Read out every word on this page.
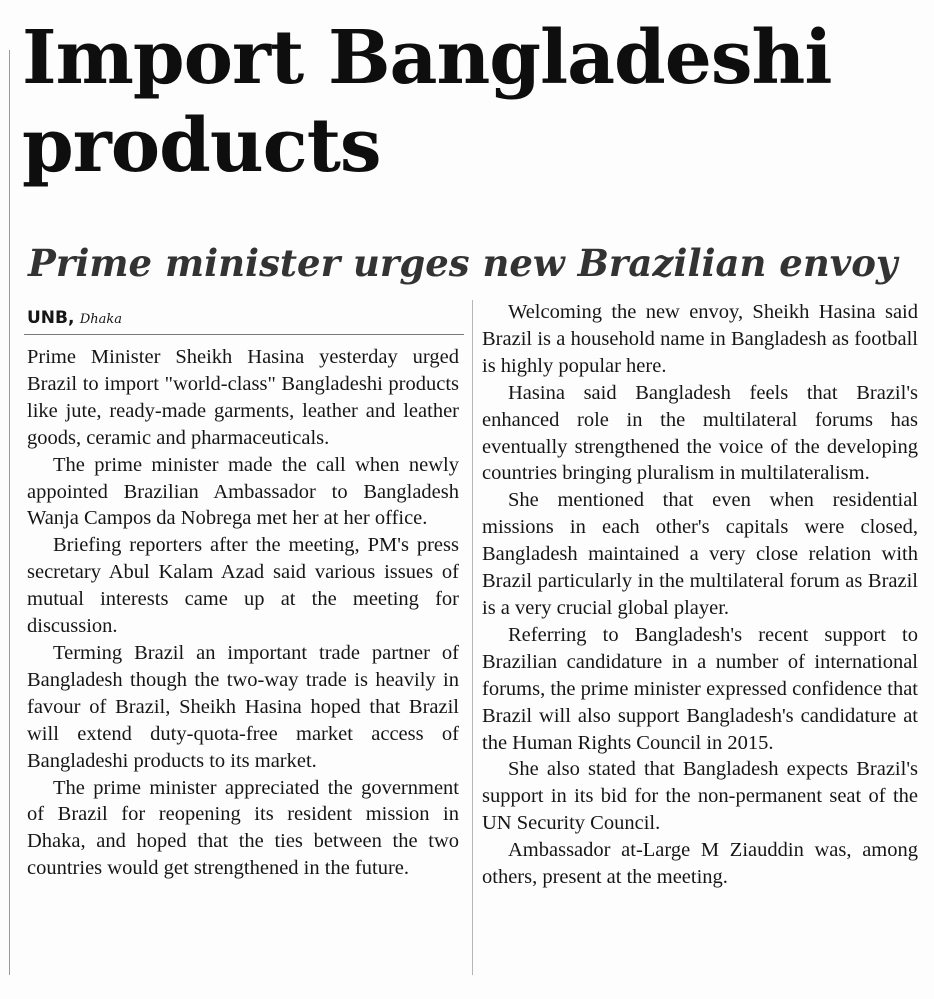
Import Bangladeshi products
Prime minister urges new Brazilian envoy
UNB, Dhaka

Prime Minister Sheikh Hasina yesterday urged Brazil to import "world-class" Bangladeshi products like jute, ready-made garments, leather and leather goods, ceramic and pharmaceuticals.

The prime minister made the call when newly appointed Brazilian Ambassador to Bangladesh Wanja Campos da Nobrega met her at her office.

Briefing reporters after the meeting, PM's press secretary Abul Kalam Azad said various issues of mutual interests came up at the meeting for discussion.

Terming Brazil an important trade partner of Bangladesh though the two-way trade is heavily in favour of Brazil, Sheikh Hasina hoped that Brazil will extend duty-quota-free market access of Bangladeshi products to its market.

The prime minister appreciated the government of Brazil for reopening its resident mission in Dhaka, and hoped that the ties between the two countries would get strengthened in the future.

Welcoming the new envoy, Sheikh Hasina said Brazil is a household name in Bangladesh as football is highly popular here.

Hasina said Bangladesh feels that Brazil's enhanced role in the multilateral forums has eventually strengthened the voice of the developing countries bringing pluralism in multilateralism.

She mentioned that even when residential missions in each other's capitals were closed, Bangladesh maintained a very close relation with Brazil particularly in the multilateral forum as Brazil is a very crucial global player.

Referring to Bangladesh's recent support to Brazilian candidature in a number of international forums, the prime minister expressed confidence that Brazil will also support Bangladesh's candidature at the Human Rights Council in 2015.

She also stated that Bangladesh expects Brazil's support in its bid for the non-permanent seat of the UN Security Council.

Ambassador at-Large M Ziauddin was, among others, present at the meeting.
